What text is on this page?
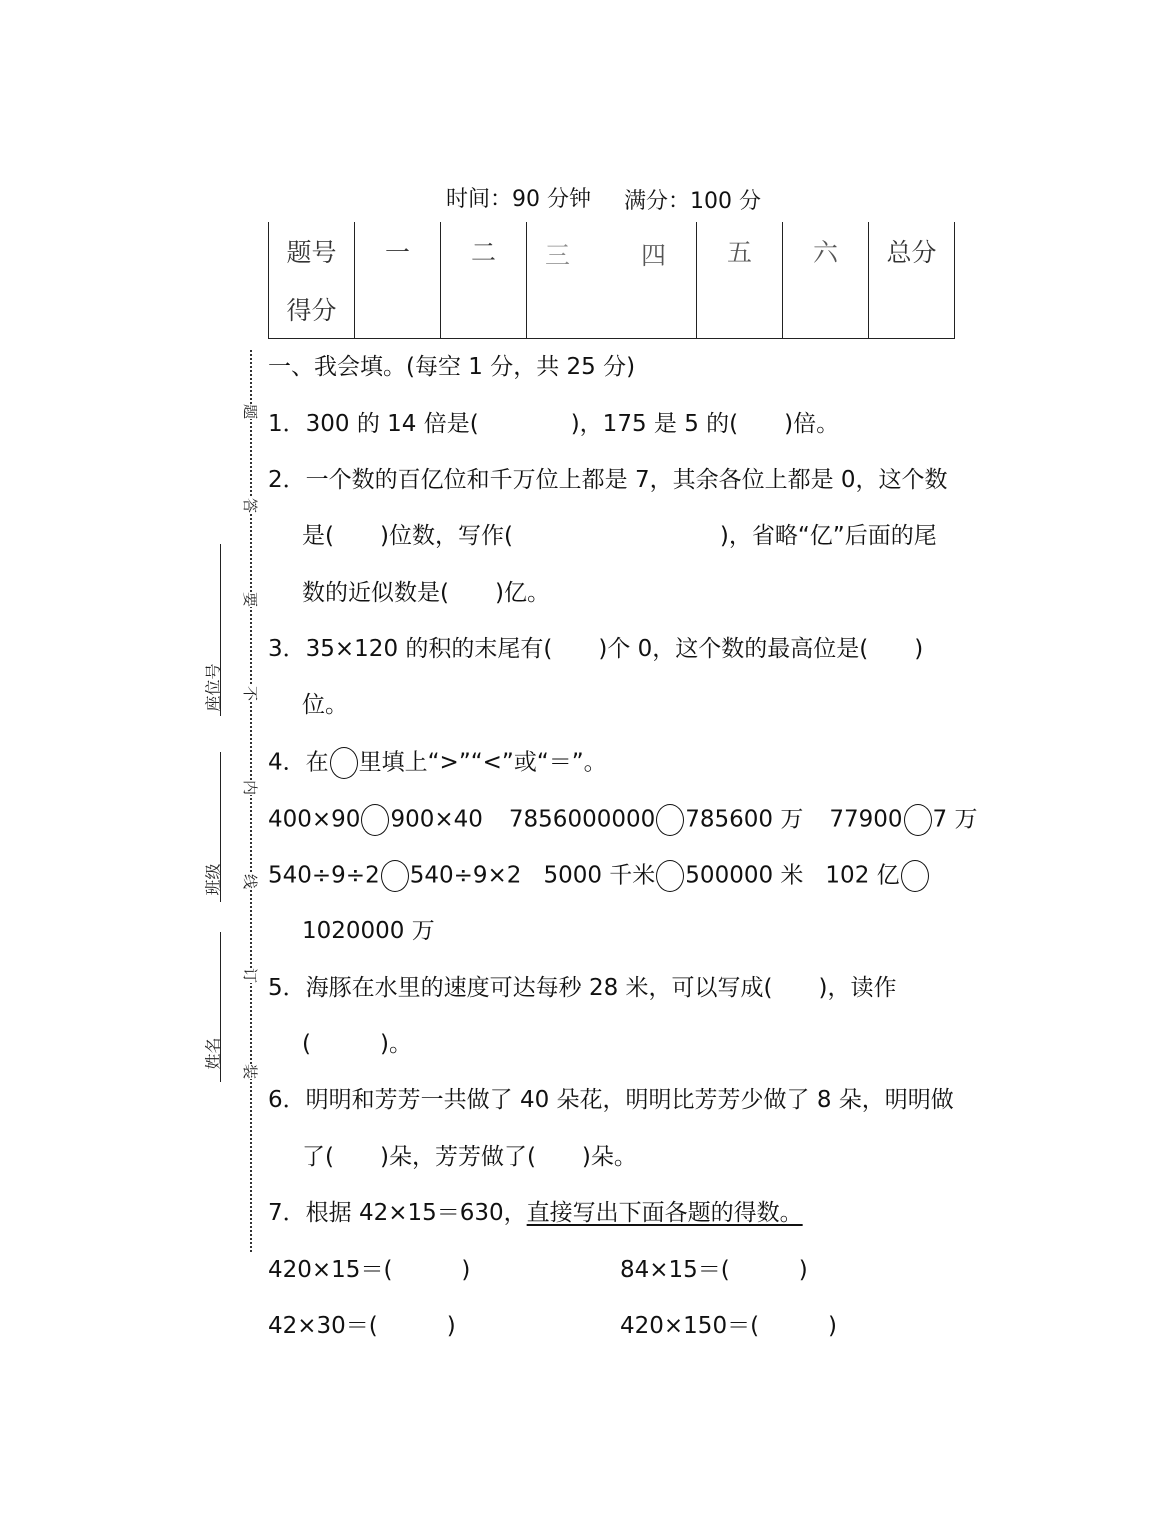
时间：90 分钟 满分：100 分
题号	一	二	三 四	五	六	总分
得分						
题
答
要
不
内
线
订
装
座位号
班级
姓名
一、我会填。(每空 1 分，共 25 分)
1．300 的 14 倍是(　　　　)，175 是 5 的(　　)倍。
2．一个数的百亿位和千万位上都是 7，其余各位上都是 0，这个数
是(　　)位数，写作(　　　　　　　　　)，省略“亿”后面的尾
数的近似数是(　　)亿。
3．35×120 的积的末尾有(　　)个 0，这个数的最高位是(　　)
位。
4．在 里填上“>”“<”或“＝”。
400×90 900×40 7856000000 785600 万 77900 7 万
540÷9÷2 540÷9×2 5000 千米 500000 米 102 亿
1020000 万
5．海豚在水里的速度可达每秒 28 米，可以写成(　　)，读作
(　　　)。
6．明明和芳芳一共做了 40 朵花，明明比芳芳少做了 8 朵，明明做
了(　　)朵，芳芳做了(　　)朵。
7．根据 42×15＝630，直接写出下面各题的得数。
420×15＝(　　　)	84×15＝(　　　)
42×30＝(　　　)	420×150＝(　　　)
